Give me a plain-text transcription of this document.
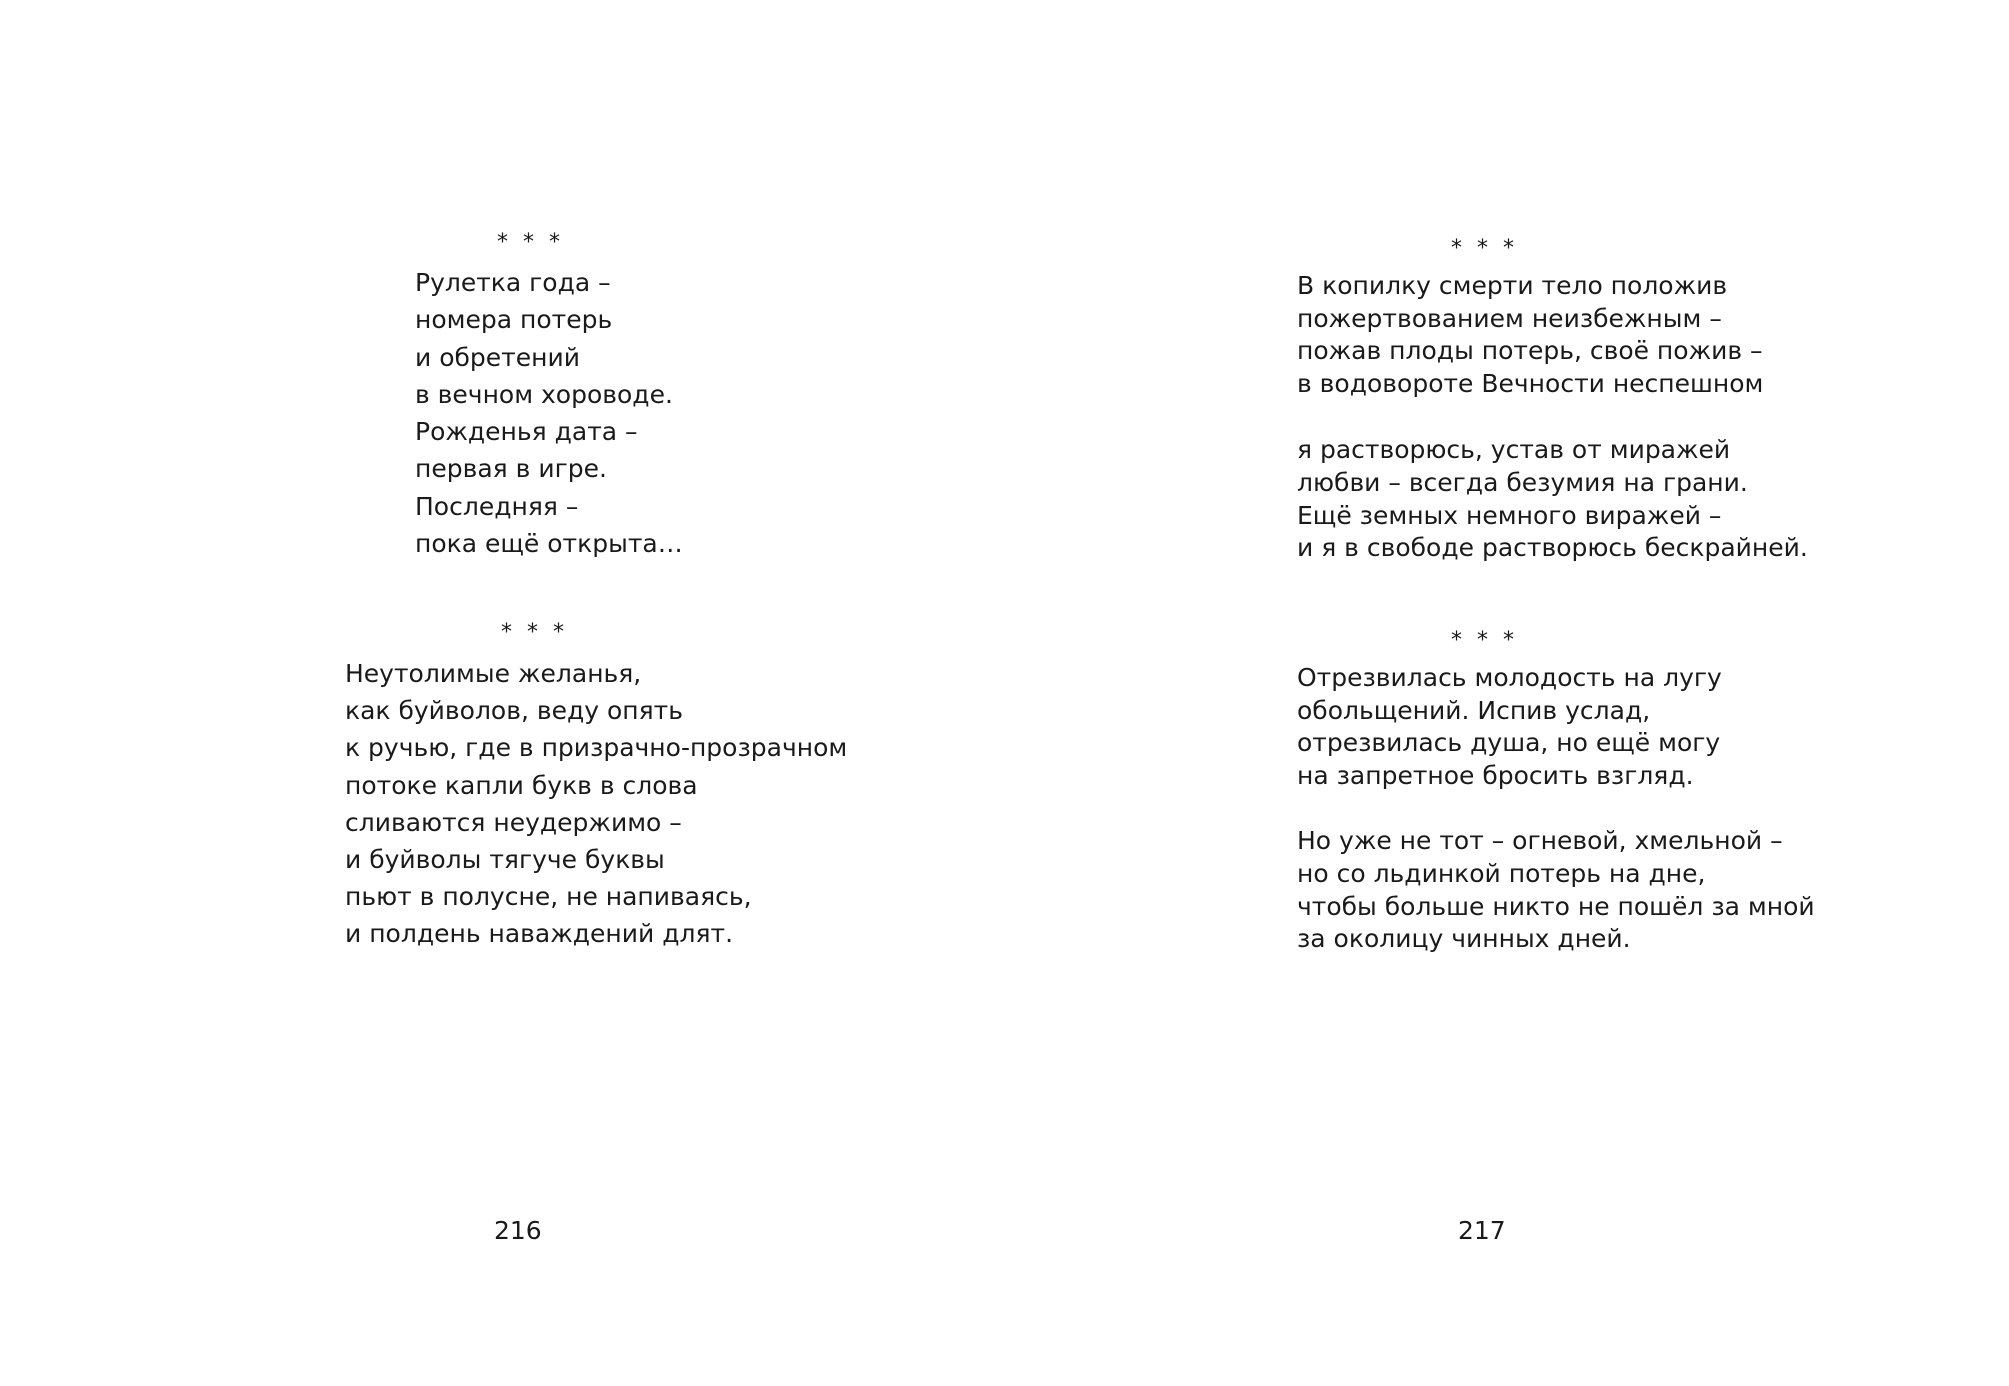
* * *
Рулетка года –
номера потерь
и обретений
в вечном хороводе.
Рожденья дата –
первая в игре.
Последняя –
пока ещё открыта…
* * *
Неутолимые желанья,
как буйволов, веду опять
к ручью, где в призрачно-прозрачном
потоке капли букв в слова
сливаются неудержимо –
и буйволы тягуче буквы
пьют в полусне, не напиваясь,
и полдень наваждений длят.
216
* * *
В копилку смерти тело положив
пожертвованием неизбежным –
пожав плоды потерь, своё пожив –
в водовороте Вечности неспешном
я растворюсь, устав от миражей
любви – всегда безумия на грани.
Ещё земных немного виражей –
и я в свободе растворюсь бескрайней.
* * *
Отрезвилась молодость на лугу
обольщений. Испив услад,
отрезвилась душа, но ещё могу
на запретное бросить взгляд.
Но уже не тот – огневой, хмельной –
но со льдинкой потерь на дне,
чтобы больше никто не пошёл за мной
за околицу чинных дней.
217
